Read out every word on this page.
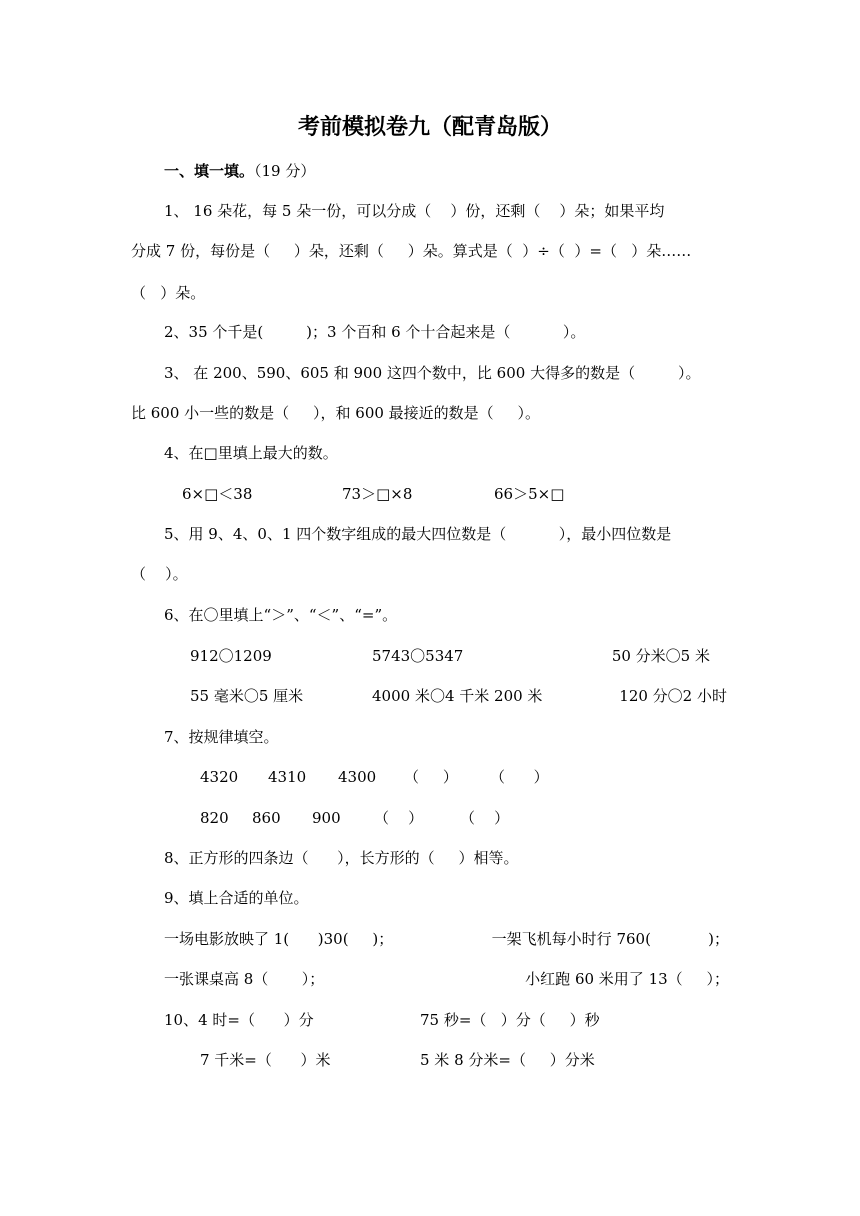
考前模拟卷九（配青岛版）

一、填一填。（19 分）

1、 16 朵花，每 5 朵一份，可以分成（    ）份，还剩（    ）朵；如果平均

分成 7 份，每份是（     ）朵，还剩（     ）朵。算式是（  ）÷（  ）=（   ）朵……

（   ）朵。

2、35 个千是(         )；3 个百和 6 个十合起来是（           ）。

3、 在 200、590、605 和 900 这四个数中，比 600 大得多的数是（         ）。

比 600 小一些的数是（     ），和 600 最接近的数是（     ）。

4、在□里填上最大的数。

6×□＜38	73＞□×8	66＞5×□

5、用 9、4、0、1 四个数字组成的最大四位数是（           ），最小四位数是

（    ）。

6、在〇里填上“＞”、“＜”、“=”。

912〇1209	5743〇5347	50 分米〇5 米

55 毫米〇5 厘米	4000 米〇4 千米 200 米	120 分〇2 小时

7、按规律填空。

4320 4310 4300 （     ） （      ）

820 860 900 （    ） （    ）

8、正方形的四条边（      ），长方形的（     ）相等。

9、填上合适的单位。

一场电影放映了 1(      )30(     )；	一架飞机每小时行 760(            )；

一张课桌高 8（       ）；	小红跑 60 米用了 13（     ）；

10、4 时=（      ）分	75 秒=（   ）分（     ）秒

7 千米=（      ）米	5 米 8 分米=（     ）分米
